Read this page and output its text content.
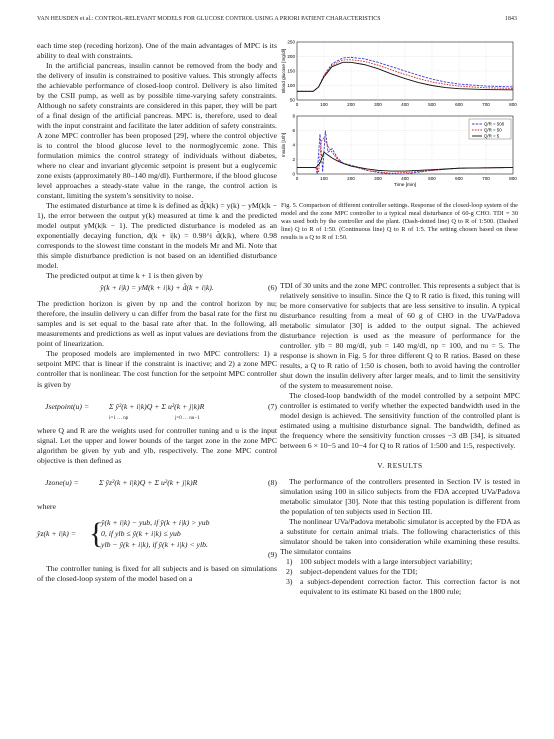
VAN HEUSDEN et al.: CONTROL-RELEVANT MODELS FOR GLUCOSE CONTROL USING A PRIORI PATIENT CHARACTERISTICS	1843

each time step (receding horizon). One of the main advantages of MPC is its ability to deal with constraints.

In the artificial pancreas, insulin cannot be removed from the body and the delivery of insulin is constrained to positive values. This strongly affects the achievable performance of closed-loop control. Delivery is also limited by the CSII pump, as well as by possible time-varying safety constraints. Although no safety constraints are considered in this paper, they will be part of a final design of the artificial pancreas. MPC is, therefore, used to deal with the input constraint and facilitate the later addition of safety constraints. A zone MPC controller has been proposed [29], where the control objective is to control the blood glucose level to the normoglycemic zone. This formulation mimics the control strategy of individuals without diabetes, where no clear and invariant glycemic setpoint is present but a euglycemic zone exists (approximately 80–140 mg/dl). Furthermore, if the blood glucose level approaches a steady-state value in the range, the control action is constant, limiting the system’s sensitivity to noise.

The estimated disturbance at time k is defined as d̂(k|k) = y(k) − yM(k|k − 1), the error between the output y(k) measured at time k and the predicted model output yM(k|k − 1). The predicted disturbance is modeled as an exponentially decaying function, d(k + i|k) = 0.98^i d̂(k|k), where 0.98 corresponds to the slowest time constant in the models Mr and Mi. Note that this simple disturbance prediction is not based on an identified disturbance model.

The predicted output at time k + 1 is then given by

ŷ(k + i|k) = yM(k + i|k) + d̂(k + i|k).	(6)

The prediction horizon is given by np and the control horizon by nu; therefore, the insulin delivery u can differ from the basal rate for the first nu samples and is set equal to the basal rate after that. In the following, all measurements and predictions as well as input values are deviations from the point of linearization.

The proposed models are implemented in two MPC controllers: 1) a setpoint MPC that is linear if the constraint is inactive; and 2) a zone MPC controller that is nonlinear. The cost function for the setpoint MPC controller is given by

Jsetpoint(u) =	Σ ŷ²(k + i|k)Q + Σ u²(k + j|k)R
i=1 … np	j=0 … nu−1
(7)

where Q and R are the weights used for controller tuning and u is the input signal. Let the upper and lower bounds of the target zone in the zone MPC algorithm be given by yub and ylb, respectively. The zone MPC control objective is then defined as

Jzone(u) =	Σ ŷz²(k + i|k)Q + Σ u²(k + j|k)R	(8)

where

ŷz(k + i|k) = {
ŷ(k + i|k) − yub, if ŷ(k + i|k) > yub
0, if ylb ≤ ŷ(k + i|k) ≤ yub
ylb − ŷ(k + i|k), if ŷ(k + i|k) < ylb.
(9)

The controller tuning is fixed for all subjects and is based on simulations of the closed-loop system of the model based on a

0	100	200	300	400	500	600	700	800
50
100
150
200
250
Blood glucose [mg/dl]
0	100	200	300	400	500	600	700	800
0
2
4
6
8
Insulin [U/h]
Time [min]
Q/R = 500
Q/R = 50
Q/R = 5
Fig. 5. Comparison of different controller settings. Response of the closed-loop system of the model and the zone MPC controller to a typical meal disturbance of 60-g CHO. TDI = 30 was used both by the controller and the plant. (Dash-dotted line) Q to R of 1:500. (Dashed line) Q to R of 1:50. (Continuous line) Q to R of 1:5. The setting chosen based on these results is a Q to R of 1:50.

TDI of 30 units and the zone MPC controller. This represents a subject that is relatively sensitive to insulin. Since the Q to R ratio is fixed, this tuning will be more conservative for subjects that are less sensitive to insulin. A typical disturbance resulting from a meal of 60 g of CHO in the UVa/Padova metabolic simulator [30] is added to the output signal. The achieved disturbance rejection is used as the measure of performance for the controller. ylb = 80 mg/dl, yub = 140 mg/dl, np = 100, and nu = 5. The response is shown in Fig. 5 for three different Q to R ratios. Based on these results, a Q to R ratio of 1:50 is chosen, both to avoid having the controller shut down the insulin delivery after larger meals, and to limit the sensitivity of the system to measurement noise.

The closed-loop bandwidth of the model controlled by a setpoint MPC controller is estimated to verify whether the expected bandwidth used in the model design is achieved. The sensitivity function of the controlled plant is estimated using a multisine disturbance signal. The bandwidth, defined as the frequency where the sensitivity function crosses −3 dB [34], is situated between 6 × 10−5 and 10−4 for Q to R ratios of 1:500 and 1:5, respectively.

V. RESULTS

The performance of the controllers presented in Section IV is tested in simulation using 100 in silico subjects from the FDA accepted UVa/Padova metabolic simulator [30]. Note that this testing population is different from the population of ten subjects used in Section III.

The nonlinear UVa/Padova metabolic simulator is accepted by the FDA as a substitute for certain animal trials. The following characteristics of this simulator should be taken into consideration while examining these results. The simulator contains

1) 100 subject models with a large intersubject variability;
2) subject-dependent values for the TDI;
3) a subject-dependent correction factor. This correction factor is not equivalent to its estimate Ki based on the 1800 rule;
